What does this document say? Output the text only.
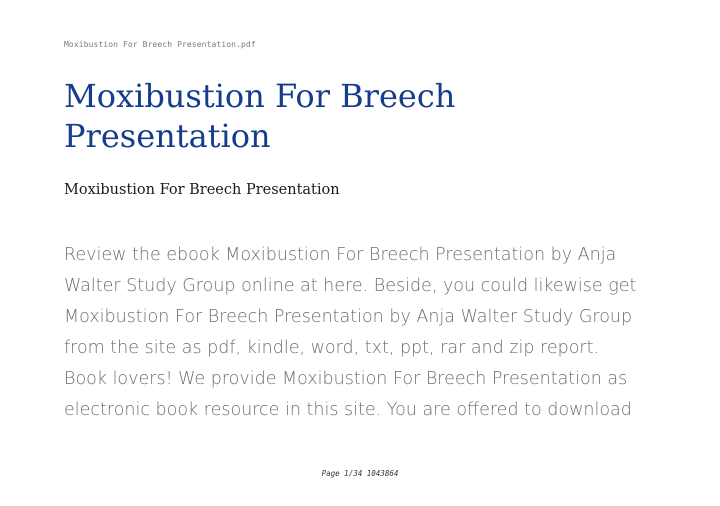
Moxibustion For Breech Presentation.pdf
Moxibustion For Breech Presentation
Moxibustion For Breech Presentation

Review the ebook Moxibustion For Breech Presentation by Anja
Walter Study Group online at here. Beside, you could likewise get
Moxibustion For Breech Presentation by Anja Walter Study Group
from the site as pdf, kindle, word, txt, ppt, rar and zip report.
Book lovers! We provide Moxibustion For Breech Presentation as
electronic book resource in this site. You are offered to download

Page 1/34 1043864
